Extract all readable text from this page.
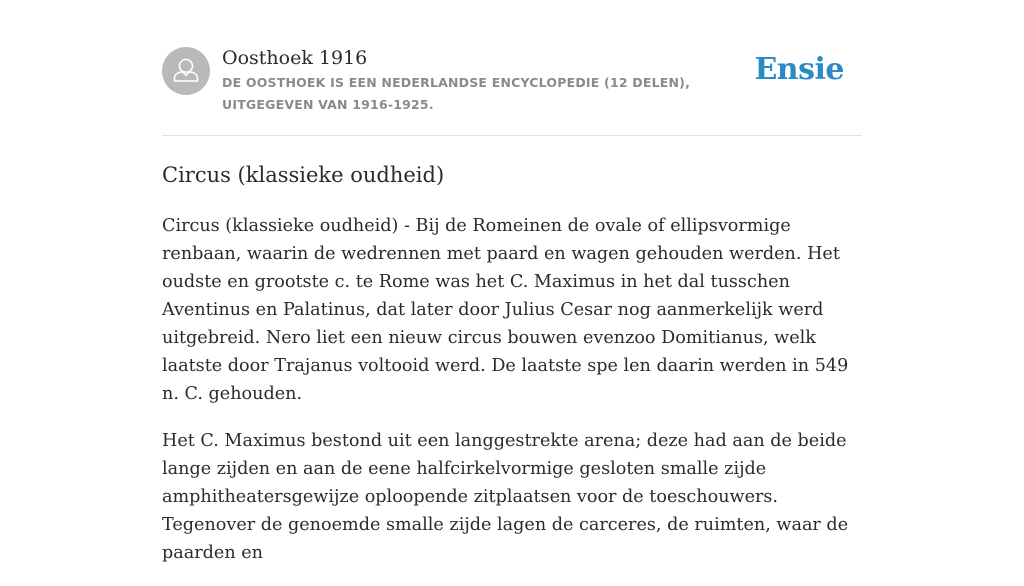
Oosthoek 1916
DE OOSTHOEK IS EEN NEDERLANDSE ENCYCLOPEDIE (12 DELEN), UITGEGEVEN VAN 1916-1925.
Ensie
Circus (klassieke oudheid)

Circus (klassieke oudheid) - Bij de Romeinen de ovale of ellipsvormige renbaan, waarin de wedrennen met paard en wagen gehouden werden. Het oudste en grootste c. te Rome was het C. Maximus in het dal tusschen Aventinus en Palatinus, dat later door Julius Cesar nog aanmerkelijk werd uitgebreid. Nero liet een nieuw circus bouwen evenzoo Domitianus, welk laatste door Trajanus voltooid werd. De laatste spe len daarin werden in 549 n. C. gehouden.

Het C. Maximus bestond uit een langgestrekte arena; deze had aan de beide lange zijden en aan de eene halfcirkelvormige gesloten smalle zijde amphitheatersgewijze oploopende zitplaatsen voor de toeschouwers. Tegenover de genoemde smalle zijde lagen de carceres, de ruimten, waar de paarden en
